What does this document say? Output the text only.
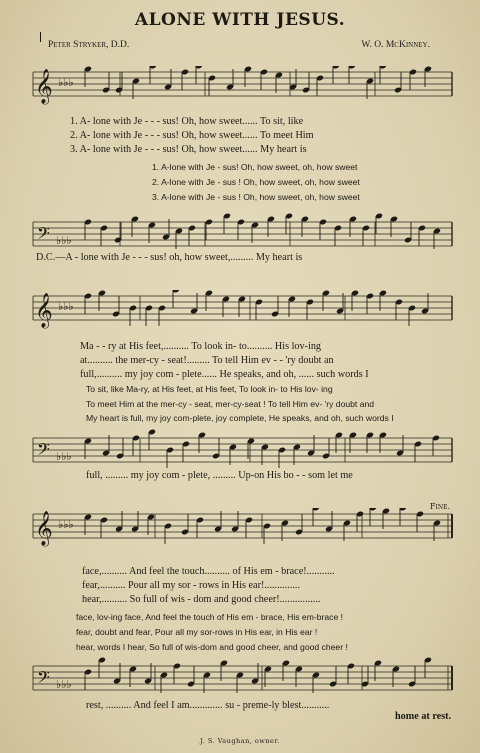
ALONE WITH JESUS.
Peter Stryker, D.D.	W. O. McKinney.
𝄞 ♭♭♭
1. A- lone with Je - - - sus! Oh, how sweet...... To sit, like
2. A- lone with Je - - - sus! Oh, how sweet...... To meet Him
3. A- lone with Je - - - sus! Oh, how sweet...... My heart is
1. A-lone with Je - sus! Oh, how sweet, oh, how sweet
2. A-lone with Je - sus ! Oh, how sweet, oh, how sweet
3. A-lone with Je - sus ! Oh, how sweet, oh, how sweet
𝄢 ♭♭♭
D.C.—A - lone with Je - - - sus! oh, how sweet,......... My heart is
𝄞 ♭♭♭
Ma - - ry at His feet,.......... To look in- to.......... His lov-ing
at.......... the mer-cy - seat!......... To tell Him ev - - 'ry doubt an
full,.......... my joy com - plete...... He speaks, and oh, ...... such words I
To sit, like Ma-ry, at His feet, at His feet, To look in- to His lov- ing
To meet Him at the mer-cy - seat, mer-cy-seat ! To tell Him ev- 'ry doubt and
My heart is full, my joy com-plete, joy complete, He speaks, and oh, such words I
𝄢 ♭♭♭
full, ......... my joy com - plete, ......... Up-on His bo - - som let me
Fine.
𝄞 ♭♭♭
face,.......... And feel the touch.......... of His em - brace!...........
fear,.......... Pour all my sor - rows in His ear!..............
hear,.......... So full of wis - dom and good cheer!................
face, lov-ing face, And feel the touch of His em - brace, His em-brace !
fear, doubt and fear, Pour all my sor-rows in His ear, in His ear !
hear, words I hear, So full of wis-dom and good cheer, and good cheer !
𝄢 ♭♭♭
rest, .......... And feel I am............. su - preme-ly blest...........
home at rest.
J. S. Vaughan, owner.
